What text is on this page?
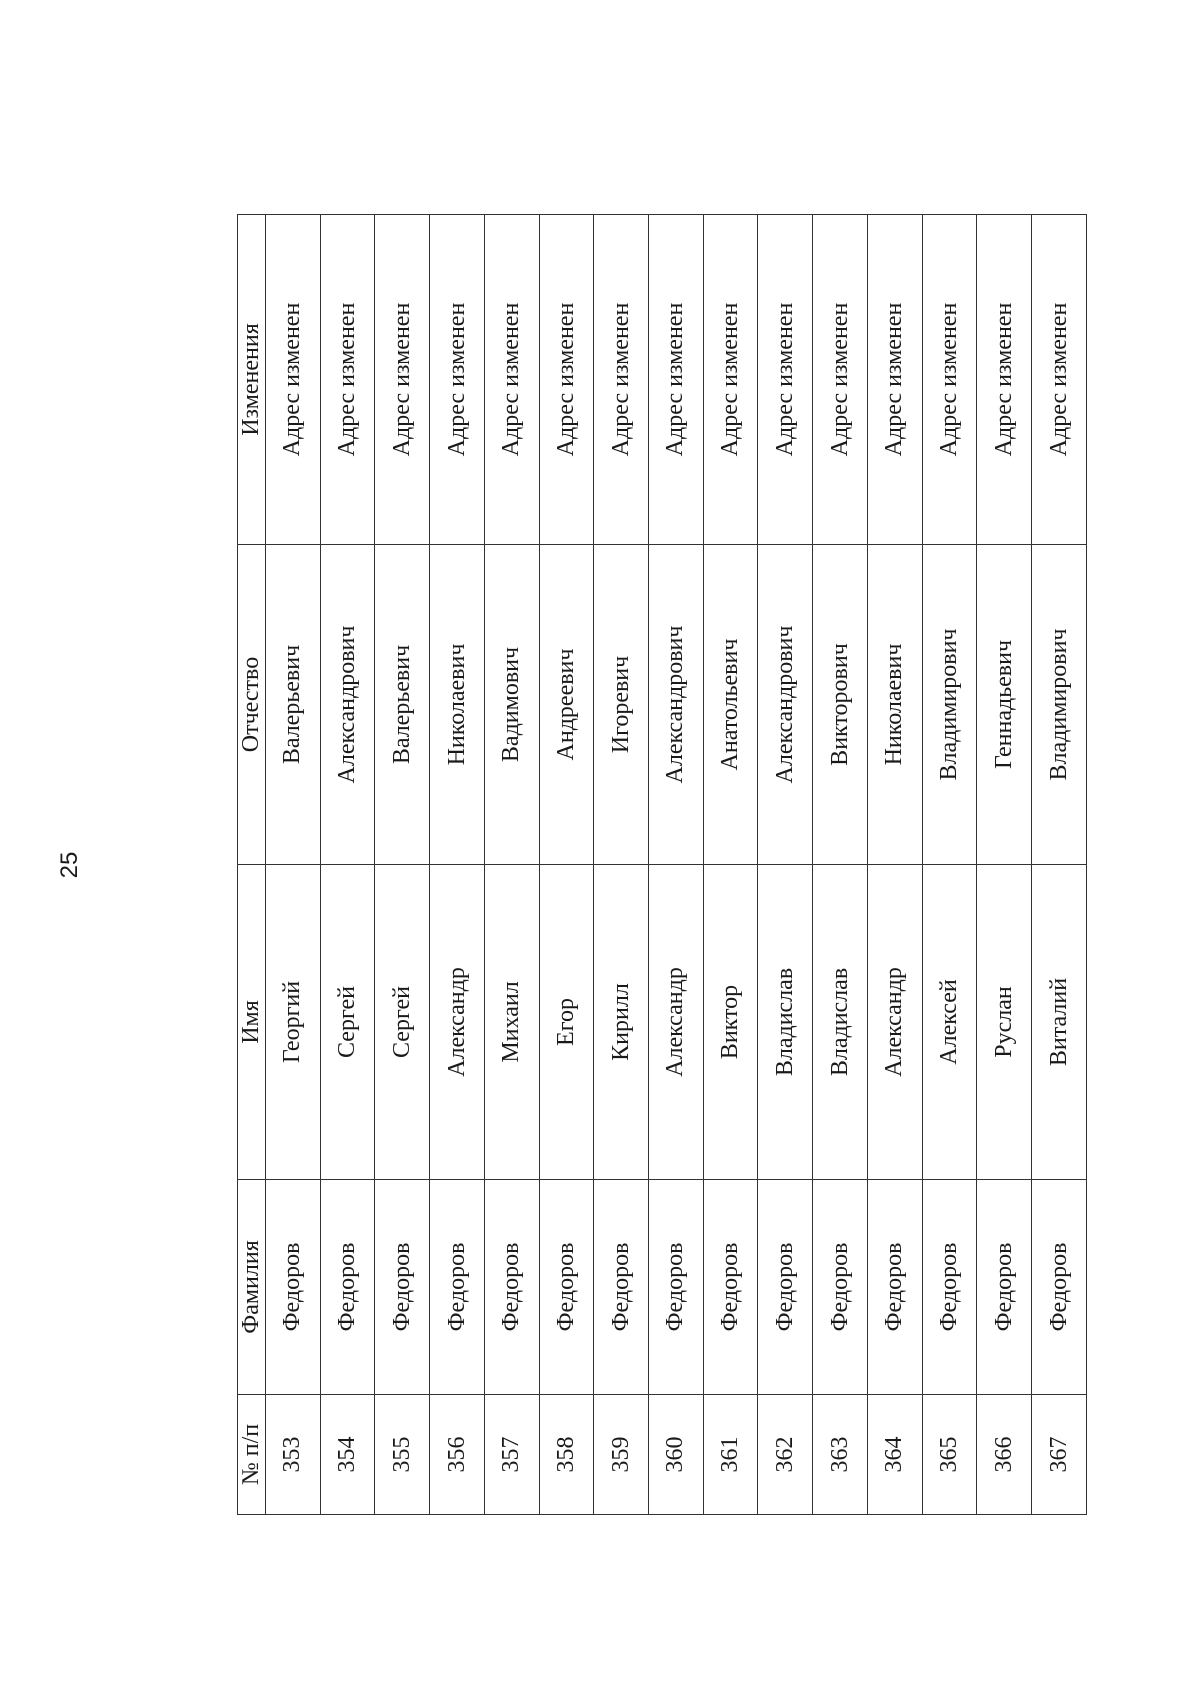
25
№ п/п	Фамилия	Имя	Отчество	Изменения
353	Федоров	Георгий	Валерьевич	Адрес изменен
354	Федоров	Сергей	Александрович	Адрес изменен
355	Федоров	Сергей	Валерьевич	Адрес изменен
356	Федоров	Александр	Николаевич	Адрес изменен
357	Федоров	Михаил	Вадимович	Адрес изменен
358	Федоров	Егор	Андреевич	Адрес изменен
359	Федоров	Кирилл	Игоревич	Адрес изменен
360	Федоров	Александр	Александрович	Адрес изменен
361	Федоров	Виктор	Анатольевич	Адрес изменен
362	Федоров	Владислав	Александрович	Адрес изменен
363	Федоров	Владислав	Викторович	Адрес изменен
364	Федоров	Александр	Николаевич	Адрес изменен
365	Федоров	Алексей	Владимирович	Адрес изменен
366	Федоров	Руслан	Геннадьевич	Адрес изменен
367	Федоров	Виталий	Владимирович	Адрес изменен
